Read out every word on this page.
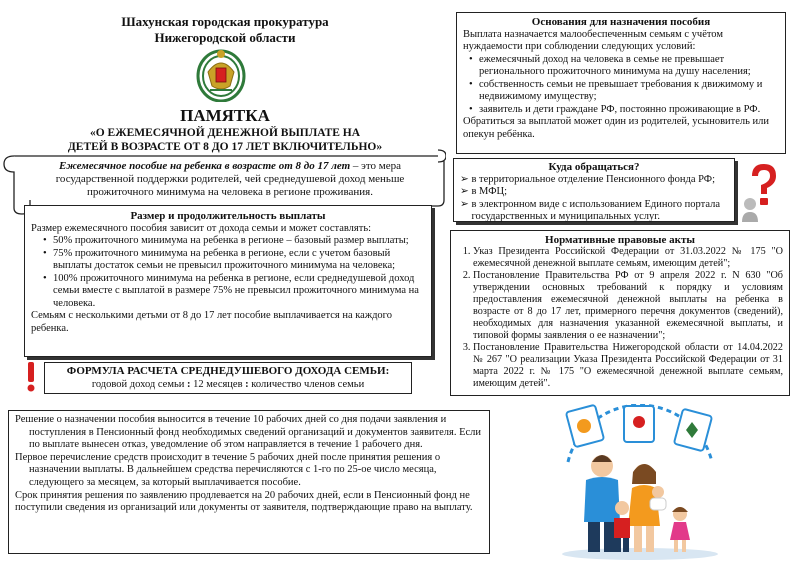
Шахунская городская прокуратура
Нижегородской области
ПАМЯТКА
«О ЕЖЕМЕСЯЧНОЙ ДЕНЕЖНОЙ ВЫПЛАТЕ НА
ДЕТЕЙ В ВОЗРАСТЕ ОТ 8 ДО 17 ЛЕТ ВКЛЮЧИТЕЛЬНО»
Ежемесячное пособие на ребенка в возрасте от 8 до 17 лет – это мера
государственной поддержки родителей, чей среднедушевой доход меньше
прожиточного минимума на человека в регионе проживания.
Размер и продолжительность выплаты
Размер ежемесячного пособия зависит от дохода семьи и может составлять:
• 50% прожиточного минимума на ребенка в регионе – базовый размер выплаты;
• 75% прожиточного минимума на ребенка в регионе, если с учетом базовый выплаты достаток семьи не превысил прожиточного минимума на человека;
• 100% прожиточного минимума на ребенка в регионе, если среднедушевой доход семьи вместе с выплатой в размере 75% не превысил прожиточного минимума на человека.
Семьям с несколькими детьми от 8 до 17 лет пособие выплачивается на каждого ребенка.
ФОРМУЛА РАСЧЕТА СРЕДНЕДУШЕВОГО ДОХОДА СЕМЬИ:
годовой доход семьи : 12 месяцев : количество членов семьи
Основания для назначения пособия
Выплата назначается малообеспеченным семьям с учётом нуждаемости при соблюдении следующих условий:
• ежемесячный доход на человека в семье не превышает регионального прожиточного минимума на душу населения;
• собственность семьи не превышает требования к движимому и недвижимому имуществу;
• заявитель и дети граждане РФ, постоянно проживающие в РФ.
Обратиться за выплатой может один из родителей, усыновитель или опекун ребёнка.
Куда обращаться?
➢ в территориальное отделение Пенсионного фонда РФ;
➢ в МФЦ;
➢ в электронном виде с использованием Единого портала государственных и муниципальных услуг.
Нормативные правовые акты
1. Указ Президента Российской Федерации от 31.03.2022 № 175 "О ежемесячной денежной выплате семьям, имеющим детей";
2. Постановление Правительства РФ от 9 апреля 2022 г. N 630 "Об утверждении основных требований к порядку и условиям предоставления ежемесячной денежной выплаты на ребенка в возрасте от 8 до 17 лет, примерного перечня документов (сведений), необходимых для назначения указанной ежемесячной выплаты, и типовой формы заявления о ее назначении";
3. Постановление Правительства Нижегородской области от 14.04.2022 № 267 "О реализации Указа Президента Российской Федерации от 31 марта 2022 г. № 175 "О ежемесячной денежной выплате семьям, имеющим детей".
Решение о назначении пособия выносится в течение 10 рабочих дней со дня подачи заявления и поступления в Пенсионный фонд необходимых сведений организаций и документов заявителя. Если по выплате вынесен отказ, уведомление об этом направляется в течение 1 рабочего дня.
Первое перечисление средств происходит в течение 5 рабочих дней после принятия решения о назначении выплаты. В дальнейшем средства перечисляются с 1-го по 25-ое число месяца, следующего за месяцем, за который выплачивается пособие.
Срок принятия решения по заявлению продлевается на 20 рабочих дней, если в Пенсионный фонд не поступили сведения из организаций или документы от заявителя, подтверждающие право на выплату.
